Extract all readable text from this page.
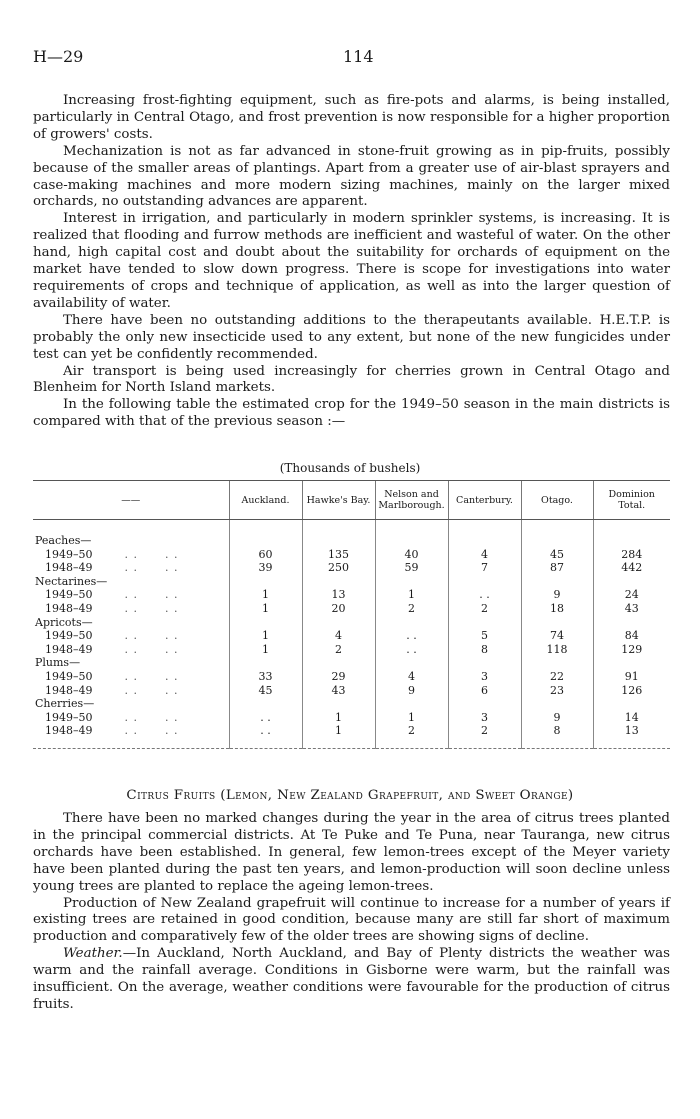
H—29	114

Increasing frost-fighting equipment, such as fire-pots and alarms, is being installed, particularly in Central Otago, and frost prevention is now responsible for a higher proportion of growers' costs.

Mechanization is not as far advanced in stone-fruit growing as in pip-fruits, possibly because of the smaller areas of plantings. Apart from a greater use of air-blast sprayers and case-making machines and more modern sizing machines, mainly on the larger mixed orchards, no outstanding advances are apparent.

Interest in irrigation, and particularly in modern sprinkler systems, is increasing. It is realized that flooding and furrow methods are inefficient and wasteful of water. On the other hand, high capital cost and doubt about the suitability for orchards of equipment on the market have tended to slow down progress. There is scope for investigations into water requirements of crops and technique of application, as well as into the larger question of availability of water.

There have been no outstanding additions to the therapeutants available. H.E.T.P. is probably the only new insecticide used to any extent, but none of the new fungicides under test can yet be confidently recommended.

Air transport is being used increasingly for cherries grown in Central Otago and Blenheim for North Island markets.

In the following table the estimated crop for the 1949–50 season in the main districts is compared with that of the previous season :—

(Thousands of bushels)
——	Auckland.	Hawke's Bay.	Nelson and Marlborough.	Canterbury.	Otago.	Dominion Total.

Peaches—						
1949–50 . .      . .	60	135	40	4	45	284
1948–49 . .      . .	39	250	59	7	87	442
Nectarines—						
1949–50 . .      . .	1	13	1	. .	9	24
1948–49 . .      . .	1	20	2	2	18	43
Apricots—						
1949–50 . .      . .	1	4	. .	5	74	84
1948–49 . .      . .	1	2	. .	8	118	129
Plums—						
1949–50 . .      . .	33	29	4	3	22	91
1948–49 . .      . .	45	43	9	6	23	126
Cherries—						
1949–50 . .      . .	. .	1	1	3	9	14
1948–49 . .      . .	. .	1	2	2	8	13

Citrus Fruits (Lemon, New Zealand Grapefruit, and Sweet Orange)

There have been no marked changes during the year in the area of citrus trees planted in the principal commercial districts. At Te Puke and Te Puna, near Tauranga, new citrus orchards have been established. In general, few lemon-trees except of the Meyer variety have been planted during the past ten years, and lemon-production will soon decline unless young trees are planted to replace the ageing lemon-trees.

Production of New Zealand grapefruit will continue to increase for a number of years if existing trees are retained in good condition, because many are still far short of maximum production and comparatively few of the older trees are showing signs of decline.

Weather.—In Auckland, North Auckland, and Bay of Plenty districts the weather was warm and the rainfall average. Conditions in Gisborne were warm, but the rainfall was insufficient. On the average, weather conditions were favourable for the production of citrus fruits.
